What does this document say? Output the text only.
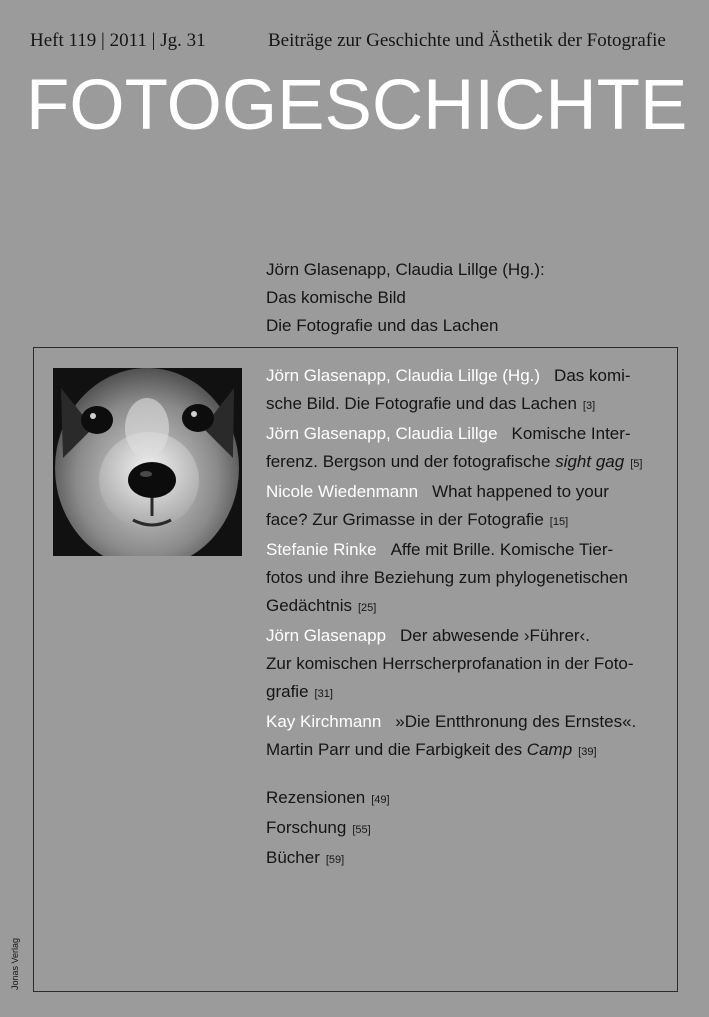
Heft 119 | 2011 | Jg. 31	Beiträge zur Geschichte und Ästhetik der Fotografie
FOTOGESCHICHTE
Jörn Glasenapp, Claudia Lillge (Hg.):
Das komische Bild
Die Fotografie und das Lachen
Jörn Glasenapp, Claudia Lillge (Hg.) Das komi-
sche Bild. Die Fotografie und das Lachen [3]
Jörn Glasenapp, Claudia Lillge Komische Inter-
ferenz. Bergson und der fotografische sight gag [5]
Nicole Wiedenmann What happened to your
face? Zur Grimasse in der Fotografie [15]
Stefanie Rinke Affe mit Brille. Komische Tier-
fotos und ihre Beziehung zum phylogenetischen
Gedächtnis [25]
Jörn Glasenapp Der abwesende ›Führer‹.
Zur komischen Herrscherprofanation in der Foto-
grafie [31]
Kay Kirchmann »Die Entthronung des Ernstes«.
Martin Parr und die Farbigkeit des Camp [39]
Rezensionen [49]
Forschung [55]
Bücher [59]
Jonas Verlag
